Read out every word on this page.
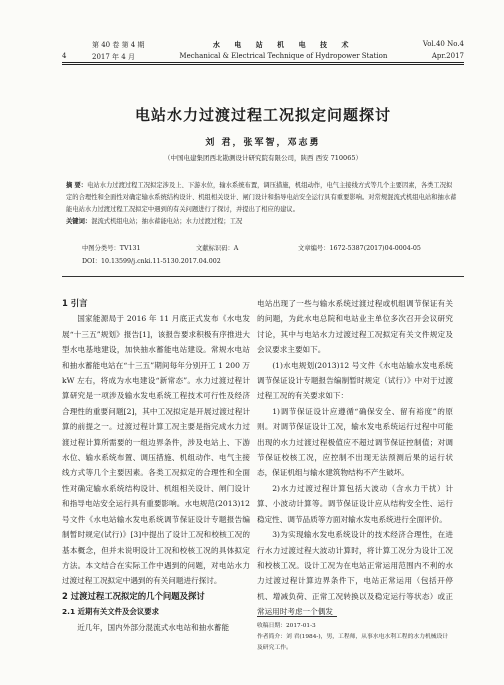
第 40 卷 第 4 期	水 电 站 机 电 技 术	Vol.40 No.4
4	2017 年 4 月	Mechanical & Electrical Technique of Hydropower Station	Apr.2017
电站水力过渡过程工况拟定问题探讨
刘 君，张军智，邓志勇
（中国电建集团西北勘测设计研究院有限公司，陕西 西安 710065）
摘 要：电站水力过渡过程工况拟定涉及上、下游水位，输水系统布置，调压措施，机组动作，电气主接线方式等几个主要因素，各类工况拟定的合理性和全面性对确定输水系统结构设计、机组相关设计、闸门设计和指导电站安全运行具有重要影响。对常规混流式机组电站和抽水蓄能电站水力过渡过程工况拟定中遇到的有关问题进行了探讨，并提出了相应的建议。
关键词：混流式机组电站；抽水蓄能电站；水力过渡过程；工况
中图分类号：TV131	文献标识码：A	文章编号：1672-5387(2017)04-0004-05
DOI：10.13599/j.cnki.11-5130.2017.04.002

1 引言

国家能源局于 2016 年 11 月底正式发布《水电发展“十三五”规划》报告[1]，该报告要求积极有序推进大型水电基地建设，加快抽水蓄能电站建设。常规水电站和抽水蓄能电站在“十三五”期间每年分别开工 1 200 万 kW 左右，将成为水电建设“新常态”。水力过渡过程计算研究是一项涉及输水发电系统工程技术可行性及经济合理性的重要问题[2]，其中工况拟定是开展过渡过程计算的前提之一。过渡过程计算工况主要是指完成水力过渡过程计算所需要的一组边界条件，涉及电站上、下游水位、输水系统布置、调压措施、机组动作、电气主接线方式等几个主要因素。各类工况拟定的合理性和全面性对确定输水系统结构设计、机组相关设计、闸门设计和指导电站安全运行具有重要影响。水电规范(2013)12 号文件《水电站输水发电系统调节保证设计专题报告编制暂时规定(试行)》[3]中提出了设计工况和校核工况的基本概念，但并未说明设计工况和校核工况的具体拟定方法。本文结合在实际工作中遇到的问题，对电站水力过渡过程工况拟定中遇到的有关问题进行探讨。

2 过渡过程工况拟定的几个问题及探讨

2.1 近期有关文件及会议要求

近几年，国内外部分混流式水电站和抽水蓄能

电站出现了一些与输水系统过渡过程或机组调节保证有关的问题，为此水电总院和电站业主单位多次召开会议研究讨论，其中与电站水力过渡过程工况拟定有关文件规定及会议要求主要如下。

(1)水电规划(2013)12 号文件《水电站输水发电系统调节保证设计专题报告编制暂时规定（试行）》中对于过渡过程工况的有关要求如下：

1)调节保证设计应遵循“确保安全、留有裕度”的原则。对调节保证设计工况，输水发电系统运行过程中可能出现的水力过渡过程极值应不超过调节保证控制值；对调节保证校核工况，应控制不出现无法预测后果的运行状态，保证机组与输水建筑物结构不产生破坏。

2)水力过渡过程计算包括大波动（含水力干扰）计算、小波动计算等。调节保证设计应从结构安全性、运行稳定性、调节品质等方面对输水发电系统进行全面评价。

3)为实现输水发电系统设计的技术经济合理性，在进行水力过渡过程大波动计算时，将计算工况分为设计工况和校核工况。设计工况为在电站正常运用范围内不利的水力过渡过程计算边界条件下，电站正常运用（包括开停机、增减负荷、正常工况转换以及稳定运行等状态）或正常运用时考虑一个偶发

收稿日期：2017-01-3
作者简介：刘 君(1984-)，男，工程师，从事水电水利工程的水力机械设计及研究工作。
